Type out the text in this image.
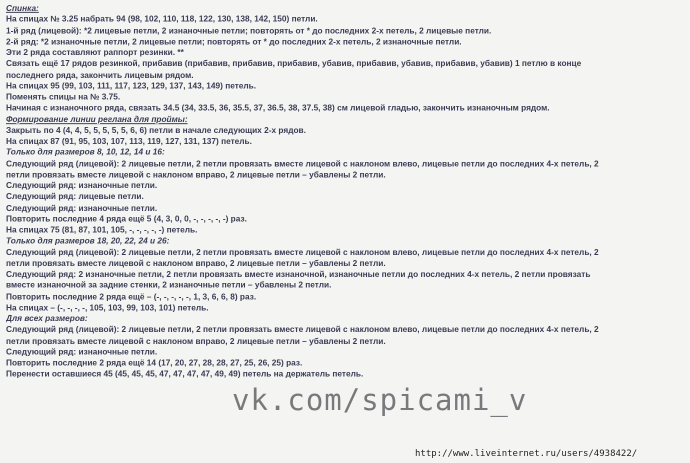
Спинка:
На спицах № 3.25 набрать 94 (98, 102, 110, 118, 122, 130, 138, 142, 150) петли.
1-й ряд (лицевой): *2 лицевые петли, 2 изнаночные петли; повторять от * до последних 2-х петель, 2 лицевые петли.
2-й ряд: *2 изнаночные петли, 2 лицевые петли; повторять от * до последних 2-х петель, 2 изнаночные петли.
Эти 2 ряда составляют раппорт резинки. **
Связать ещё 17 рядов резинкой, прибавив (прибавив, прибавив, прибавив, убавив, прибавив, убавив, прибавив, убавив) 1 петлю в конце
последнего ряда, закончить лицевым рядом.
На спицах 95 (99, 103, 111, 117, 123, 129, 137, 143, 149) петель.
Поменять спицы на № 3.75.
Начиная с изнаночного ряда, связать 34.5 (34, 33.5, 36, 35.5, 37, 36.5, 38, 37.5, 38) см лицевой гладью, закончить изнаночным рядом.
Формирование линии реглана для проймы:
Закрыть по 4 (4, 4, 5, 5, 5, 5, 5, 6, 6) петли в начале следующих 2-х рядов.
На спицах 87 (91, 95, 103, 107, 113, 119, 127, 131, 137) петель.
Только для размеров 8, 10, 12, 14 и 16:
Следующий ряд (лицевой): 2 лицевые петли, 2 петли провязать вместе лицевой с наклоном влево, лицевые петли до последних 4-х петель, 2
петли провязать вместе лицевой с наклоном вправо, 2 лицевые петли – убавлены 2 петли.
Следующий ряд: изнаночные петли.
Следующий ряд: лицевые петли.
Следующий ряд: изнаночные петли.
Повторить последние 4 ряда ещё 5 (4, 3, 0, 0, -, -, -, -, -) раз.
На спицах 75 (81, 87, 101, 105, -, -, -, -, -) петель.
Только для размеров 18, 20, 22, 24 и 26:
Следующий ряд (лицевой): 2 лицевые петли, 2 петли провязать вместе лицевой с наклоном влево, лицевые петли до последних 4-х петель, 2
петли провязать вместе лицевой с наклоном вправо, 2 лицевые петли – убавлены 2 петли.
Следующий ряд: 2 изнаночные петли, 2 петли провязать вместе изнаночной, изнаночные петли до последних 4-х петель, 2 петли провязать
вместе изнаночной за задние стенки, 2 изнаночные петли – убавлены 2 петли.
Повторить последние 2 ряда ещё – (-, -, -, -, -, 1, 3, 6, 6, 8) раз.
На спицах – (-, -, -, -, 105, 103, 99, 103, 101) петель.
Для всех размеров:
Следующий ряд (лицевой): 2 лицевые петли, 2 петли провязать вместе лицевой с наклоном влево, лицевые петли до последних 4-х петель, 2
петли провязать вместе лицевой с наклоном вправо, 2 лицевые петли – убавлены 2 петли.
Следующий ряд: изнаночные петли.
Повторить последние 2 ряда ещё 14 (17, 20, 27, 28, 28, 27, 25, 26, 25) раз.
Перенести оставшиеся 45 (45, 45, 45, 47, 47, 47, 47, 49, 49) петель на держатель петель.
vk.com/spicami_v
http://www.liveinternet.ru/users/4938422/
